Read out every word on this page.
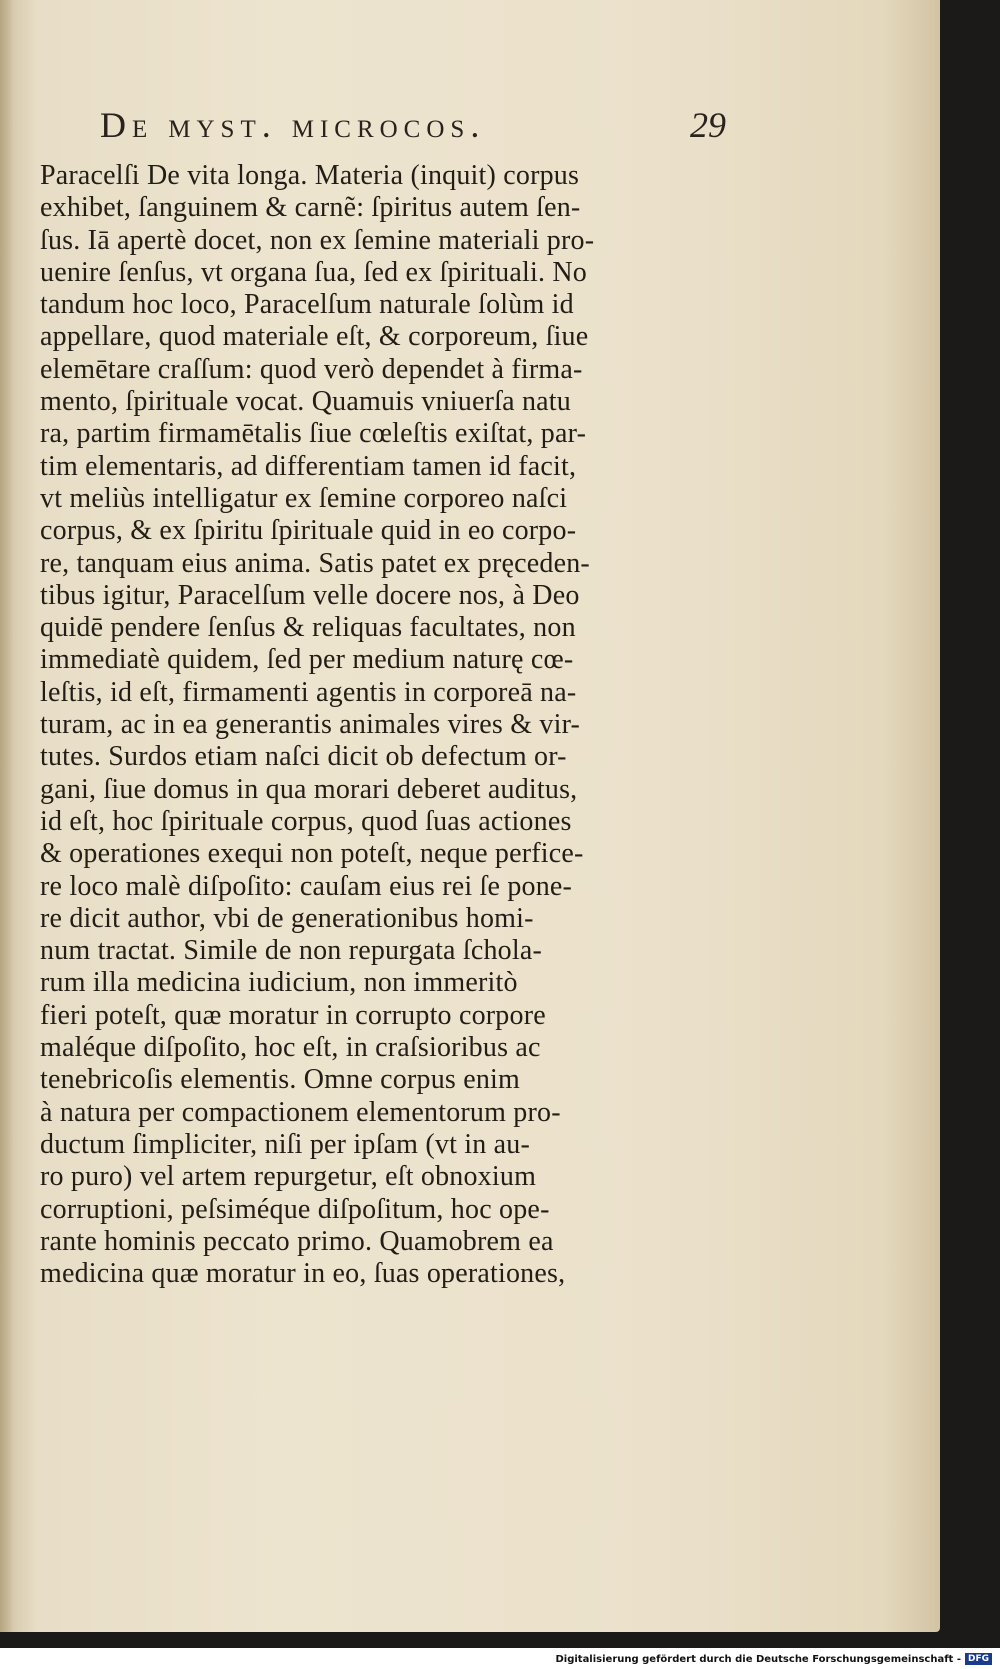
De myst. microcos.	29
Paracelſi De vita longa. Materia (inquit) corpus
exhibet, ſanguinem & carnẽ: ſpiritus autem ſen-
ſus. Iā apertè docet, non ex ſemine materiali pro-
uenire ſenſus, vt organa ſua, ſed ex ſpirituali. No
tandum hoc loco, Paracelſum naturale ſolùm id
appellare, quod materiale eſt, & corporeum, ſiue
elemētare craſſum: quod verò dependet à firma-
mento, ſpirituale vocat. Quamuis vniuerſa natu
ra, partim firmamētalis ſiue cœleſtis exiſtat, par-
tim elementaris, ad differentiam tamen id facit,
vt meliùs intelligatur ex ſemine corporeo naſci
corpus, & ex ſpiritu ſpirituale quid in eo corpo-
re, tanquam eius anima. Satis patet ex pręceden-
tibus igitur, Paracelſum velle docere nos, à Deo
quidē pendere ſenſus & reliquas facultates, non
immediatè quidem, ſed per medium naturę cœ-
leſtis, id eſt, firmamenti agentis in corporeā na-
turam, ac in ea generantis animales vires & vir-
tutes. Surdos etiam naſci dicit ob defectum or-
gani, ſiue domus in qua morari deberet auditus,
id eſt, hoc ſpirituale corpus, quod ſuas actiones
& operationes exequi non poteſt, neque perfice-
re loco malè diſpoſito: cauſam eius rei ſe pone-
re dicit author, vbi de generationibus homi-
num tractat. Simile de non repurgata ſchola-
rum illa medicina iudicium, non immeritò
fieri poteſt, quæ moratur in corrupto corpore
maléque diſpoſito, hoc eſt, in craſsioribus ac
tenebricoſis elementis. Omne corpus enim
à natura per compactionem elementorum pro-
ductum ſimpliciter, niſi per ipſam (vt in au-
ro puro) vel artem repurgetur, eſt obnoxium
corruptioni, peſsiméque diſpoſitum, hoc ope-
rante hominis peccato primo. Quamobrem ea
medicina quæ moratur in eo, ſuas operationes,
Digitalisierung gefördert durch die Deutsche Forschungsgemeinschaft - DFG
